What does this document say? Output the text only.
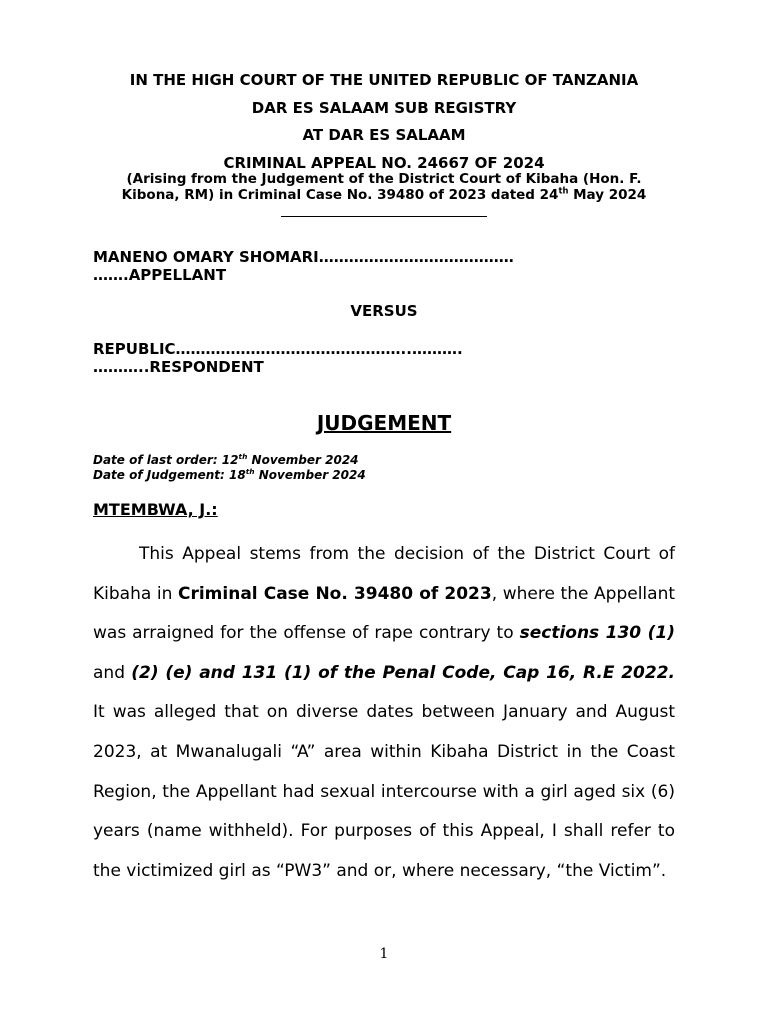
IN THE HIGH COURT OF THE UNITED REPUBLIC OF TANZANIA
DAR ES SALAAM SUB REGISTRY
AT DAR ES SALAAM
CRIMINAL APPEAL NO. 24667 OF 2024
(Arising from the Judgement of the District Court of Kibaha (Hon. F.
Kibona, RM) in Criminal Case No. 39480 of 2023 dated 24th May 2024
MANENO OMARY SHOMARI…………………………………
…….APPELLANT
VERSUS
REPUBLIC………………………………………..……….
………..RESPONDENT
JUDGEMENT
Date of last order: 12th November 2024
Date of Judgement: 18th November 2024
MTEMBWA, J.:

This Appeal stems from the decision of the District Court of Kibaha in Criminal Case No. 39480 of 2023, where the Appellant was arraigned for the offense of rape contrary to sections 130 (1) and (2) (e) and 131 (1) of the Penal Code, Cap 16, R.E 2022. It was alleged that on diverse dates between January and August 2023, at Mwanalugali “A” area within Kibaha District in the Coast Region, the Appellant had sexual intercourse with a girl aged six (6) years (name withheld). For purposes of this Appeal, I shall refer to the victimized girl as “PW3” and or, where necessary, “the Victim”.

1
